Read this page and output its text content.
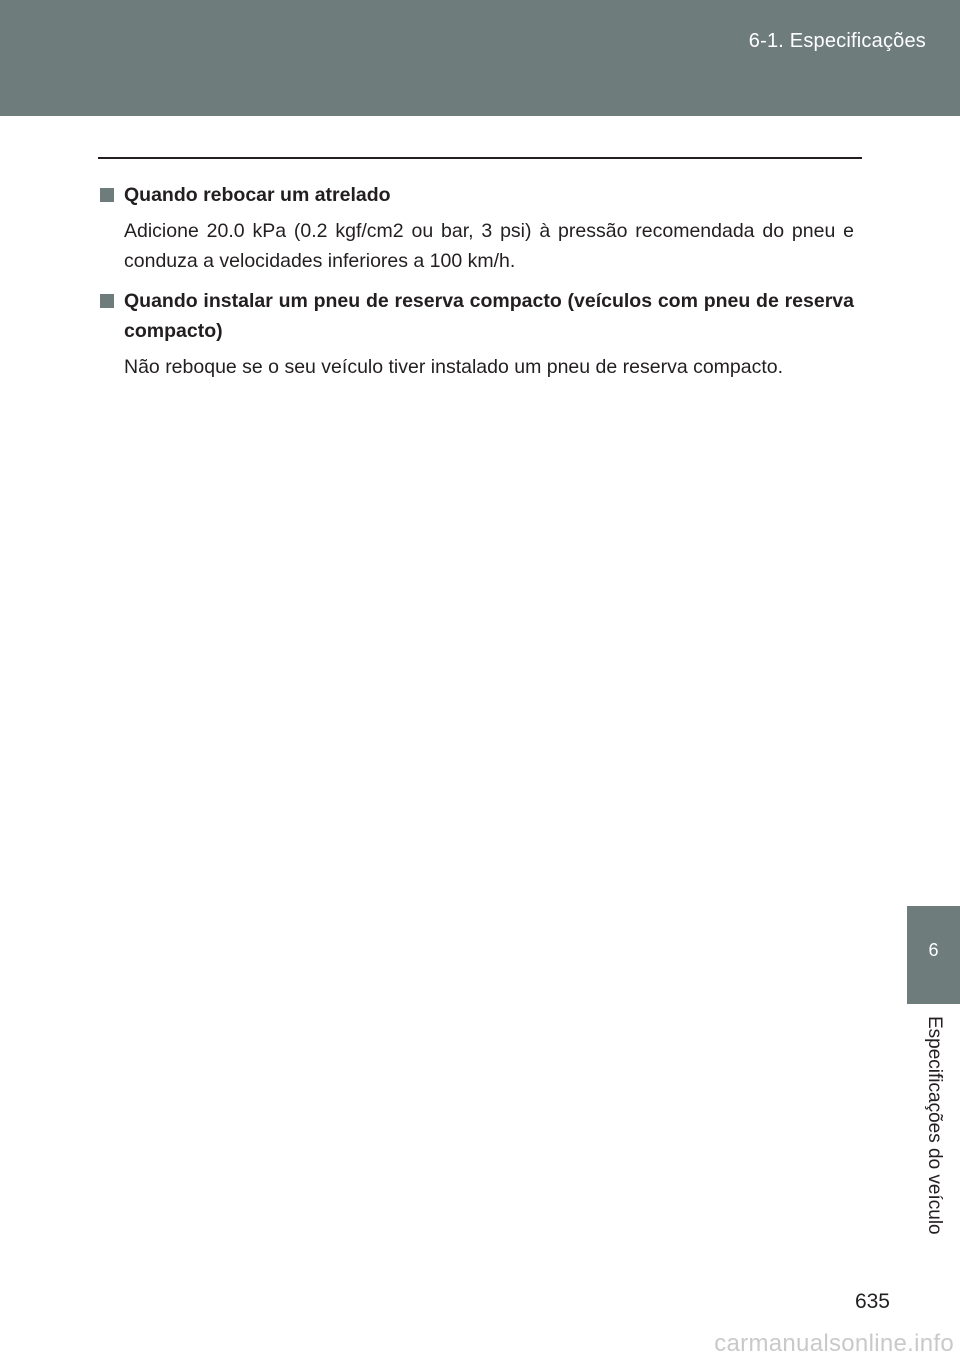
6-1. Especificações
Quando rebocar um atrelado
Adicione 20.0 kPa (0.2 kgf/cm2 ou bar, 3 psi) à pressão recomendada do pneu e conduza a velocidades inferiores a 100 km/h.
Quando instalar um pneu de reserva compacto (veículos com pneu de reserva compacto)
Não reboque se o seu veículo tiver instalado um pneu de reserva compacto.
6
Especificações do veículo
635
carmanualsonline.info
